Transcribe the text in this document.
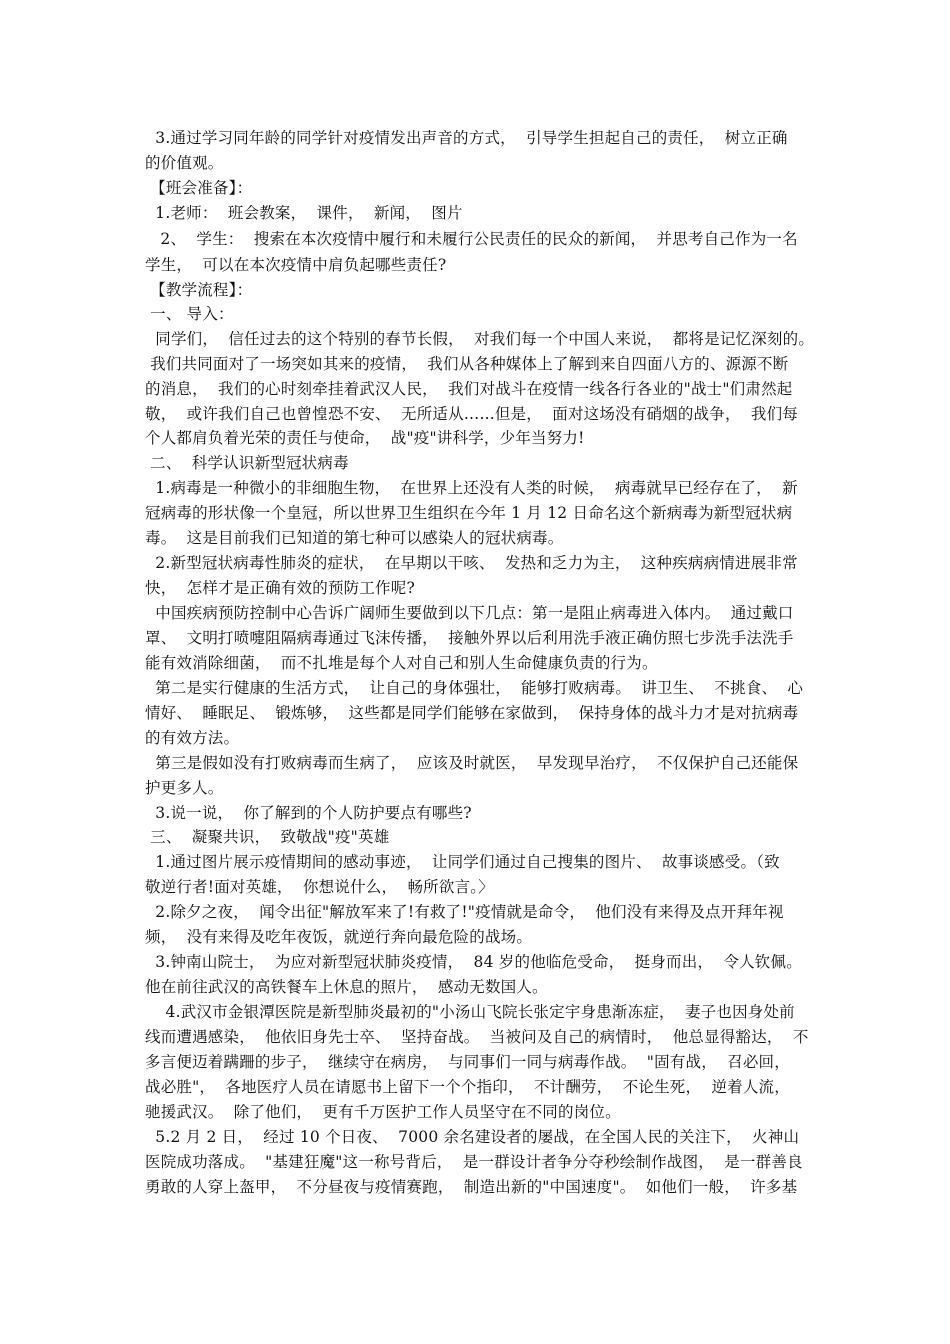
3.通过学习同年龄的同学针对疫情发出声音的方式，  引导学生担起自己的责任，  树立正确
的价值观。
【班会准备】：
1.老师：  班会教案，  课件，  新闻，  图片
2、  学生：  搜索在本次疫情中履行和未履行公民责任的民众的新闻，  并思考自己作为一名
学生，  可以在本次疫情中肩负起哪些责任?
【教学流程】：
一、 导入：
同学们，  信任过去的这个特别的春节长假，  对我们每一个中国人来说，  都将是记忆深刻的。
我们共同面对了一场突如其来的疫情，  我们从各种媒体上了解到来自四面八方的、源源不断
的消息，  我们的心时刻牵挂着武汉人民，  我们对战斗在疫情一线各行各业的"战士"们肃然起
敬，  或许我们自己也曾惶恐不安、  无所适从…...但是，  面对这场没有硝烟的战争，  我们每
个人都肩负着光荣的责任与使命，  战"疫"讲科学，少年当努力!
二、  科学认识新型冠状病毒
1.病毒是一种微小的非细胞生物，  在世界上还没有人类的时候，  病毒就早已经存在了，  新
冠病毒的形状像一个皇冠，所以世界卫生组织在今年 1 月 12 日命名这个新病毒为新型冠状病
毒。  这是目前我们已知道的第七种可以感染人的冠状病毒。
2.新型冠状病毒性肺炎的症状，  在早期以干咳、  发热和乏力为主，  这种疾病病情进展非常
快，  怎样才是正确有效的预防工作呢?
中国疾病预防控制中心告诉广阔师生要做到以下几点：第一是阻止病毒进入体内。  通过戴口
罩、  文明打喷嚏阻隔病毒通过飞沫传播，  接触外界以后利用洗手液正确仿照七步洗手法洗手
能有效消除细菌，  而不扎堆是每个人对自己和别人生命健康负责的行为。
第二是实行健康的生活方式，  让自己的身体强壮，  能够打败病毒。  讲卫生、  不挑食、  心
情好、  睡眠足、  锻炼够，  这些都是同学们能够在家做到，  保持身体的战斗力才是对抗病毒
的有效方法。
第三是假如没有打败病毒而生病了，  应该及时就医，  早发现早治疗，  不仅保护自己还能保
护更多人。
3.说一说，  你了解到的个人防护要点有哪些?
三、  凝聚共识，  致敬战"疫"英雄
1.通过图片展示疫情期间的感动事迹，  让同学们通过自己搜集的图片、  故事谈感受。（致
敬逆行者!面对英雄，  你想说什么，  畅所欲言。〉
2.除夕之夜，  闻令出征"解放军来了!有救了!"疫情就是命令，  他们没有来得及点开拜年视
频，  没有来得及吃年夜饭，就逆行奔向最危险的战场。
3.钟南山院士，  为应对新型冠状肺炎疫情，  84 岁的他临危受命，  挺身而出，  令人钦佩。
他在前往武汉的高铁餐车上休息的照片，  感动无数国人。
4.武汉市金银潭医院是新型肺炎最初的"小汤山飞院长张定宇身患渐冻症，  妻子也因身处前
线而遭遇感染，  他依旧身先士卒、  坚持奋战。  当被问及自己的病情时，  他总显得豁达，  不
多言便迈着蹒跚的步子，  继续守在病房，  与同事们一同与病毒作战。  "固有战，  召必回，
战必胜"，  各地医疗人员在请愿书上留下一个个指印，  不计酬劳，  不论生死，  逆着人流，
驰援武汉。  除了他们，  更有千万医护工作人员坚守在不同的岗位。
5.2 月 2 日，  经过 10 个日夜、  7000 余名建设者的屡战，在全国人民的关注下，  火神山
医院成功落成。  "基建狂魔"这一称号背后，  是一群设计者争分夺秒绘制作战图，  是一群善良
勇敢的人穿上盔甲，  不分昼夜与疫情赛跑，  制造出新的"中国速度"。  如他们一般，  许多基
